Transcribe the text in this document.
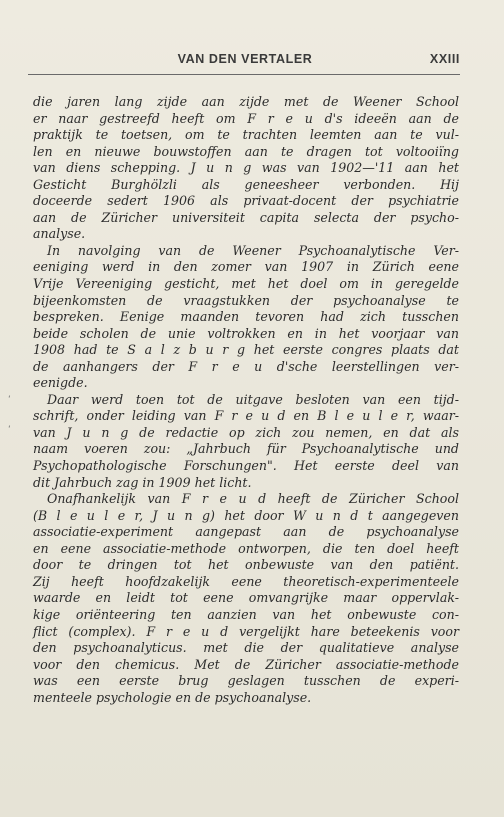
VAN DEN VERTALER	XXIII
die jaren lang zijde aan zijde met de Weener School
er naar gestreefd heeft om F r e u d's ideeën aan de
praktijk te toetsen, om te trachten leemten aan te vul-
len en nieuwe bouwstoffen aan te dragen tot voltooiïng
van diens schepping. J u n g was van 1902—'11 aan het
Gesticht Burghölzli als geneesheer verbonden. Hij
doceerde sedert 1906 als privaat-docent der psychiatrie
aan de Züricher universiteit capita selecta der psycho-
analyse.
In navolging van de Weener Psychoanalytische Ver-
eeniging werd in den zomer van 1907 in Zürich eene
Vrije Vereeniging gesticht, met het doel om in geregelde
bijeenkomsten de vraagstukken der psychoanalyse te
bespreken. Eenige maanden tevoren had zich tusschen
beide scholen de unie voltrokken en in het voorjaar van
1908 had te S a l z b u r g het eerste congres plaats dat
de aanhangers der F r e u d'sche leerstellingen ver-
eenigde.
Daar werd toen tot de uitgave besloten van een tijd-
schrift, onder leiding van F r e u d en B l e u l e r, waar-
van J u n g de redactie op zich zou nemen, en dat als
naam voeren zou: „Jahrbuch für Psychoanalytische und
Psychopathologische Forschungen". Het eerste deel van
dit Jahrbuch zag in 1909 het licht.
Onafhankelijk van F r e u d heeft de Züricher School
(B l e u l e r, J u n g) het door W u n d t aangegeven
associatie-experiment aangepast aan de psychoanalyse
en eene associatie-methode ontworpen, die ten doel heeft
door te dringen tot het onbewuste van den patiënt.
Zij heeft hoofdzakelijk eene theoretisch-experimenteele
waarde en leidt tot eene omvangrijke maar oppervlak-
kige oriënteering ten aanzien van het onbewuste con-
flict (complex). F r e u d vergelijkt hare beteekenis voor
den psychoanalyticus. met die der qualitatieve analyse
voor den chemicus. Met de Züricher associatie-methode
was een eerste brug geslagen tusschen de experi-
menteele psychologie en de psychoanalyse.
ʻ
ʻ
